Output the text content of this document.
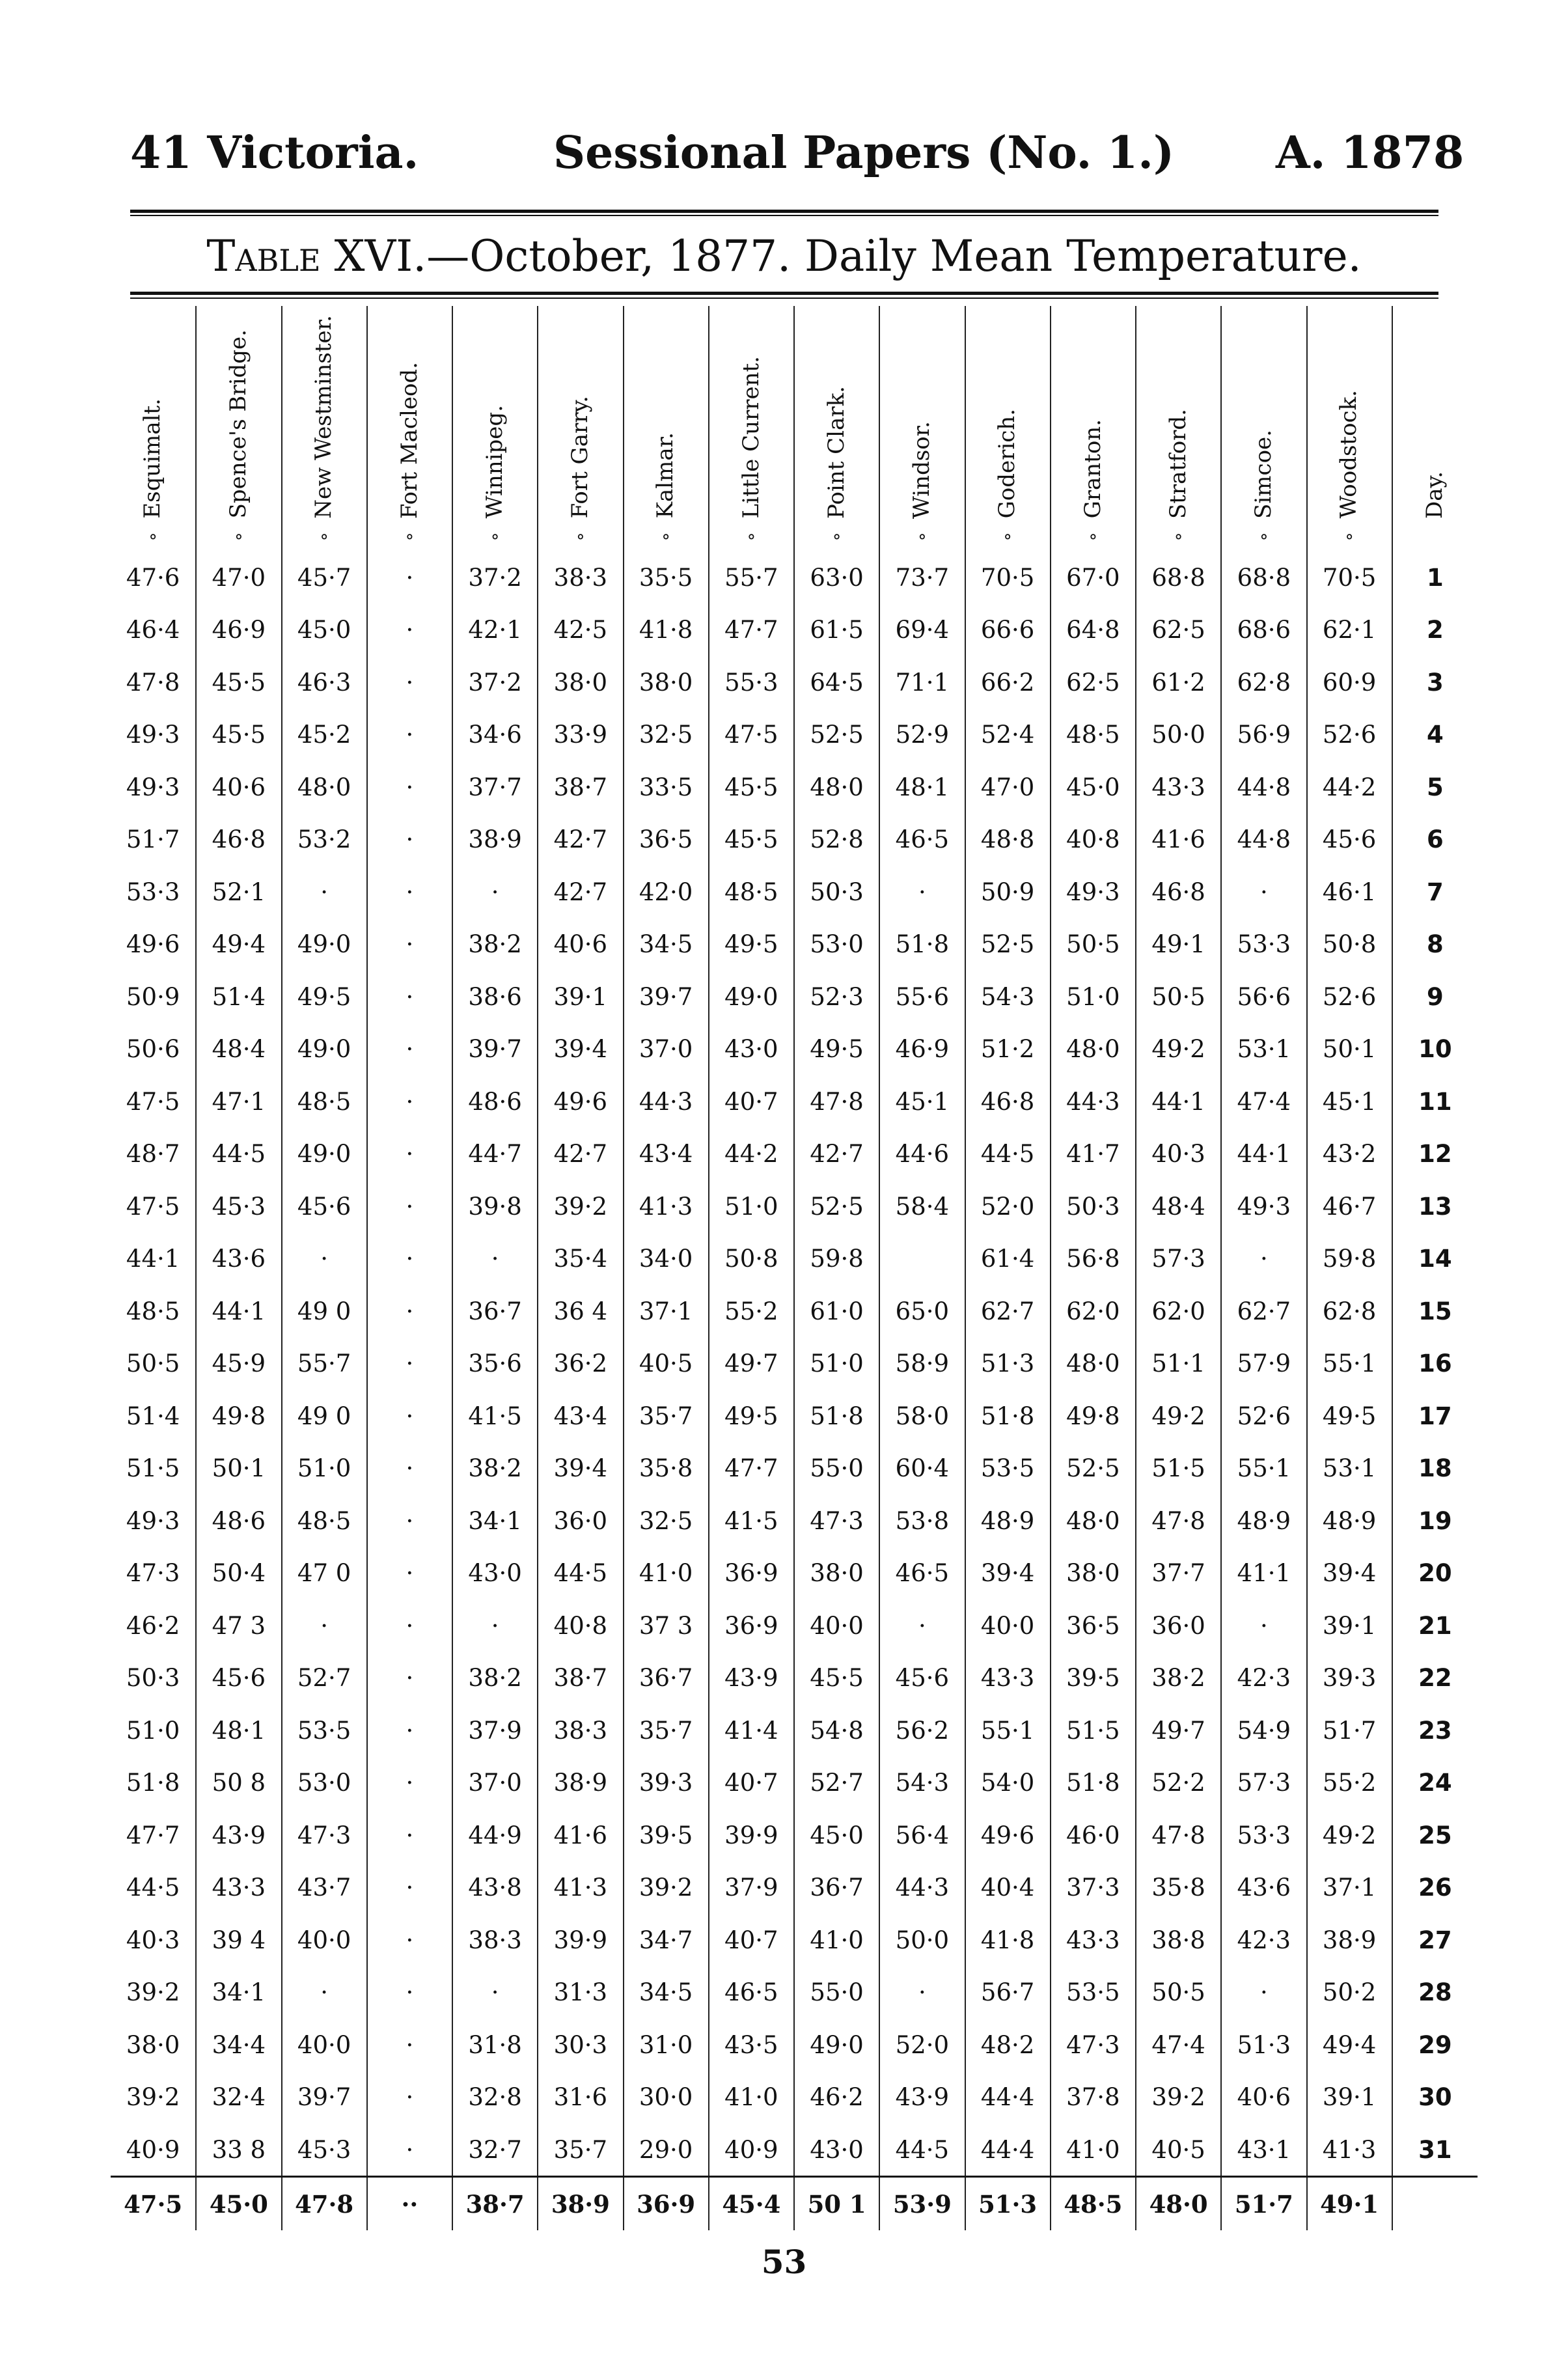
41 Victoria.	Sessional Papers (No. 1.) A. 1878
Table XVI.—October, 1877. Daily Mean Temperature.
Esquimalt.	Spence's Bridge.	New Westminster.	Fort Macleod.	Winnipeg.	Fort Garry.	Kalmar.	Little Current.	Point Clark.	Windsor.	Goderich.	Granton.	Stratford.	Simcoe.	Woodstock.	Day.

°	°	°	°	°	°	°	°	°	°	°	°	°	°	°	
47·6	47·0	45·7	·	37·2	38·3	35·5	55·7	63·0	73·7	70·5	67·0	68·8	68·8	70·5	1
46·4	46·9	45·0	·	42·1	42·5	41·8	47·7	61·5	69·4	66·6	64·8	62·5	68·6	62·1	2
47·8	45·5	46·3	·	37·2	38·0	38·0	55·3	64·5	71·1	66·2	62·5	61·2	62·8	60·9	3
49·3	45·5	45·2	·	34·6	33·9	32·5	47·5	52·5	52·9	52·4	48·5	50·0	56·9	52·6	4
49·3	40·6	48·0	·	37·7	38·7	33·5	45·5	48·0	48·1	47·0	45·0	43·3	44·8	44·2	5
51·7	46·8	53·2	·	38·9	42·7	36·5	45·5	52·8	46·5	48·8	40·8	41·6	44·8	45·6	6
53·3	52·1	·	·	·	42·7	42·0	48·5	50·3	·	50·9	49·3	46·8	·	46·1	7
49·6	49·4	49·0	·	38·2	40·6	34·5	49·5	53·0	51·8	52·5	50·5	49·1	53·3	50·8	8
50·9	51·4	49·5	·	38·6	39·1	39·7	49·0	52·3	55·6	54·3	51·0	50·5	56·6	52·6	9
50·6	48·4	49·0	·	39·7	39·4	37·0	43·0	49·5	46·9	51·2	48·0	49·2	53·1	50·1	10
47·5	47·1	48·5	·	48·6	49·6	44·3	40·7	47·8	45·1	46·8	44·3	44·1	47·4	45·1	11
48·7	44·5	49·0	·	44·7	42·7	43·4	44·2	42·7	44·6	44·5	41·7	40·3	44·1	43·2	12
47·5	45·3	45·6	·	39·8	39·2	41·3	51·0	52·5	58·4	52·0	50·3	48·4	49·3	46·7	13
44·1	43·6	·	·	·	35·4	34·0	50·8	59·8		61·4	56·8	57·3	·	59·8	14
48·5	44·1	49 0	·	36·7	36 4	37·1	55·2	61·0	65·0	62·7	62·0	62·0	62·7	62·8	15
50·5	45·9	55·7	·	35·6	36·2	40·5	49·7	51·0	58·9	51·3	48·0	51·1	57·9	55·1	16
51·4	49·8	49 0	·	41·5	43·4	35·7	49·5	51·8	58·0	51·8	49·8	49·2	52·6	49·5	17
51·5	50·1	51·0	·	38·2	39·4	35·8	47·7	55·0	60·4	53·5	52·5	51·5	55·1	53·1	18
49·3	48·6	48·5	·	34·1	36·0	32·5	41·5	47·3	53·8	48·9	48·0	47·8	48·9	48·9	19
47·3	50·4	47 0	·	43·0	44·5	41·0	36·9	38·0	46·5	39·4	38·0	37·7	41·1	39·4	20
46·2	47 3	·	·	·	40·8	37 3	36·9	40·0	·	40·0	36·5	36·0	·	39·1	21
50·3	45·6	52·7	·	38·2	38·7	36·7	43·9	45·5	45·6	43·3	39·5	38·2	42·3	39·3	22
51·0	48·1	53·5	·	37·9	38·3	35·7	41·4	54·8	56·2	55·1	51·5	49·7	54·9	51·7	23
51·8	50 8	53·0	·	37·0	38·9	39·3	40·7	52·7	54·3	54·0	51·8	52·2	57·3	55·2	24
47·7	43·9	47·3	·	44·9	41·6	39·5	39·9	45·0	56·4	49·6	46·0	47·8	53·3	49·2	25
44·5	43·3	43·7	·	43·8	41·3	39·2	37·9	36·7	44·3	40·4	37·3	35·8	43·6	37·1	26
40·3	39 4	40·0	·	38·3	39·9	34·7	40·7	41·0	50·0	41·8	43·3	38·8	42·3	38·9	27
39·2	34·1	·	·	·	31·3	34·5	46·5	55·0	·	56·7	53·5	50·5	·	50·2	28
38·0	34·4	40·0	·	31·8	30·3	31·0	43·5	49·0	52·0	48·2	47·3	47·4	51·3	49·4	29
39·2	32·4	39·7	·	32·8	31·6	30·0	41·0	46·2	43·9	44·4	37·8	39·2	40·6	39·1	30
40·9	33 8	45·3	·	32·7	35·7	29·0	40·9	43·0	44·5	44·4	41·0	40·5	43·1	41·3	31
47·5	45·0	47·8	··	38·7	38·9	36·9	45·4	50 1	53·9	51·3	48·5	48·0	51·7	49·1	
53
